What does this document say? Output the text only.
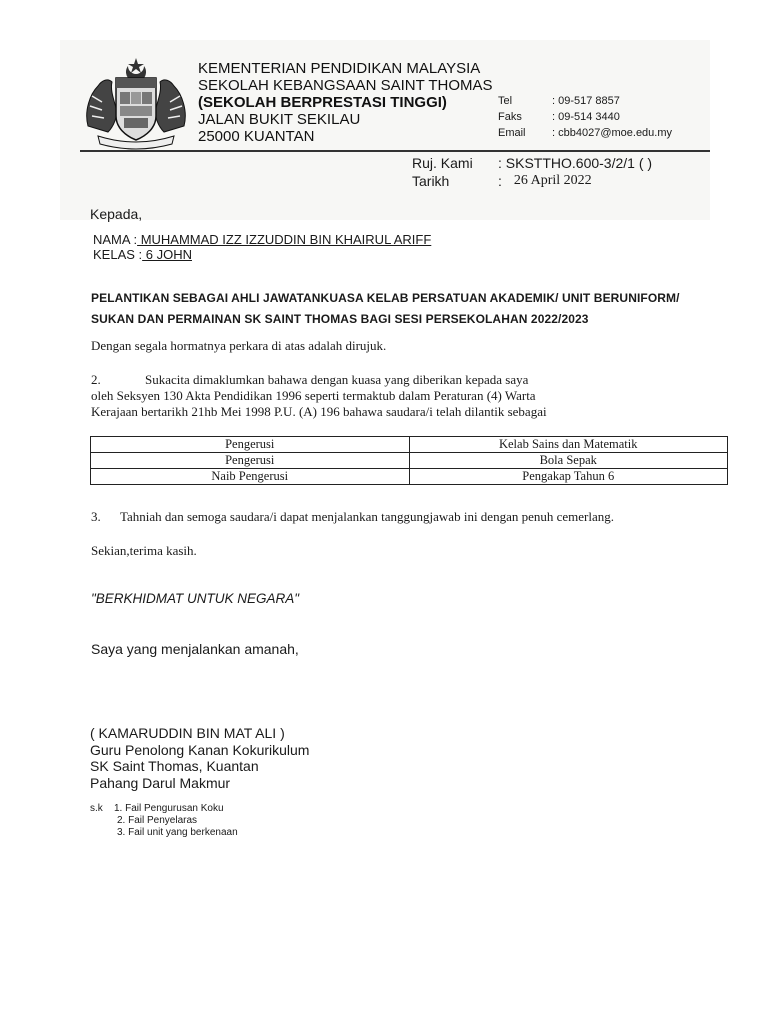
KEMENTERIAN PENDIDIKAN MALAYSIA
SEKOLAH KEBANGSAAN SAINT THOMAS
(SEKOLAH BERPRESTASI TINGGI)
JALAN BUKIT SEKILAU
25000 KUANTAN
Tel	: 09-517 8857
Faks	: 09-514 3440
Email	: cbb4027@moe.edu.my
Ruj. Kami	: SKSTTHO.600-3/2/1 ( )
Tarikh	: 26 April 2022
Kepada,
NAMA : MUHAMMAD IZZ IZZUDDIN BIN KHAIRUL ARIFF
KELAS : 6 JOHN
PELANTIKAN SEBAGAI AHLI JAWATANKUASA KELAB PERSATUAN AKADEMIK/ UNIT BERUNIFORM/
SUKAN DAN PERMAINAN SK SAINT THOMAS BAGI SESI PERSEKOLAHAN 2022/2023
Dengan segala hormatnya perkara di atas adalah dirujuk.
2.	Sukacita dimaklumkan bahawa dengan kuasa yang diberikan kepada saya
oleh Seksyen 130 Akta Pendidikan 1996 seperti termaktub dalam Peraturan (4) Warta
Kerajaan bertarikh 21hb Mei 1998 P.U. (A) 196 bahawa saudara/i telah dilantik sebagai
Pengerusi	Kelab Sains dan Matematik
Pengerusi	Bola Sepak
Naib Pengerusi	Pengakap Tahun 6
3. Tahniah dan semoga saudara/i dapat menjalankan tanggungjawab ini dengan penuh cemerlang.
Sekian,terima kasih.
"BERKHIDMAT UNTUK NEGARA"
Saya yang menjalankan amanah,
( KAMARUDDIN BIN MAT ALI )
Guru Penolong Kanan Kokurikulum
SK Saint Thomas, Kuantan
Pahang Darul Makmur
s.k	1. Fail Pengurusan Koku
2. Fail Penyelaras
3. Fail unit yang berkenaan
